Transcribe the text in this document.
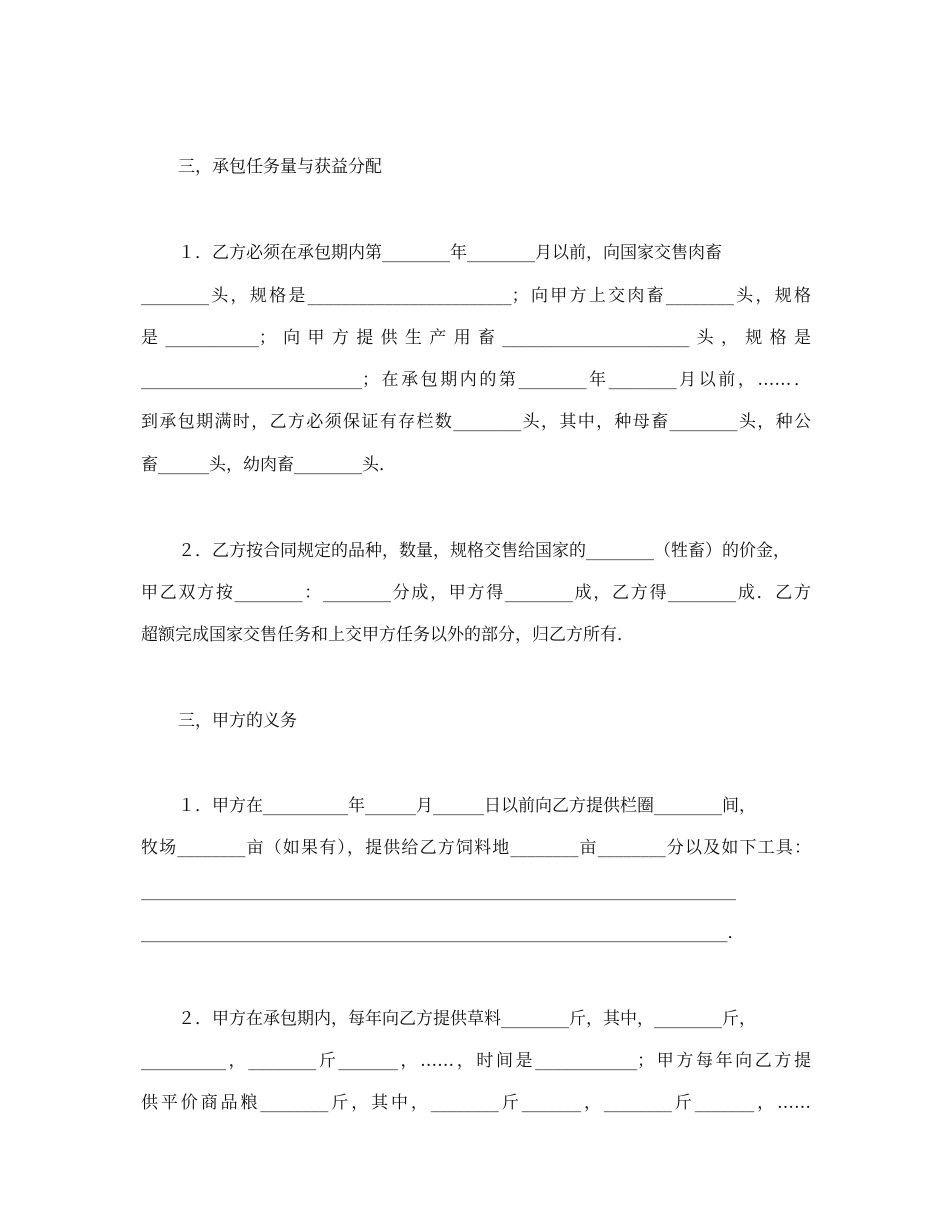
三，承包任务量与获益分配

１．乙方必须在承包期内第________年________月以前，向国家交售肉畜

________头，规格是________________________；向甲方上交肉畜________头，规格

是___________；向甲方提供生产用畜______________________头，规格是

__________________________；在承包期内的第________年________月以前，……．

到承包期满时，乙方必须保证有存栏数________头，其中，种母畜________头，种公

畜______头，幼肉畜________头．

２．乙方按合同规定的品种，数量，规格交售给国家的________（牲畜）的价金，

甲乙双方按________：________分成，甲方得________成，乙方得________成．乙方

超额完成国家交售任务和上交甲方任务以外的部分，归乙方所有．

三，甲方的义务

１．甲方在__________年______月______日以前向乙方提供栏圈________间，

牧场________亩（如果有），提供给乙方饲料地________亩________分以及如下工具：

______________________________________________________________________

_____________________________________________________________________．

２．甲方在承包期内，每年向乙方提供草料________斤，其中，________斤，

__________，________斤_______，……，时间是____________；甲方每年向乙方提

供平价商品粮________斤，其中，________斤_______，________斤_______，……
